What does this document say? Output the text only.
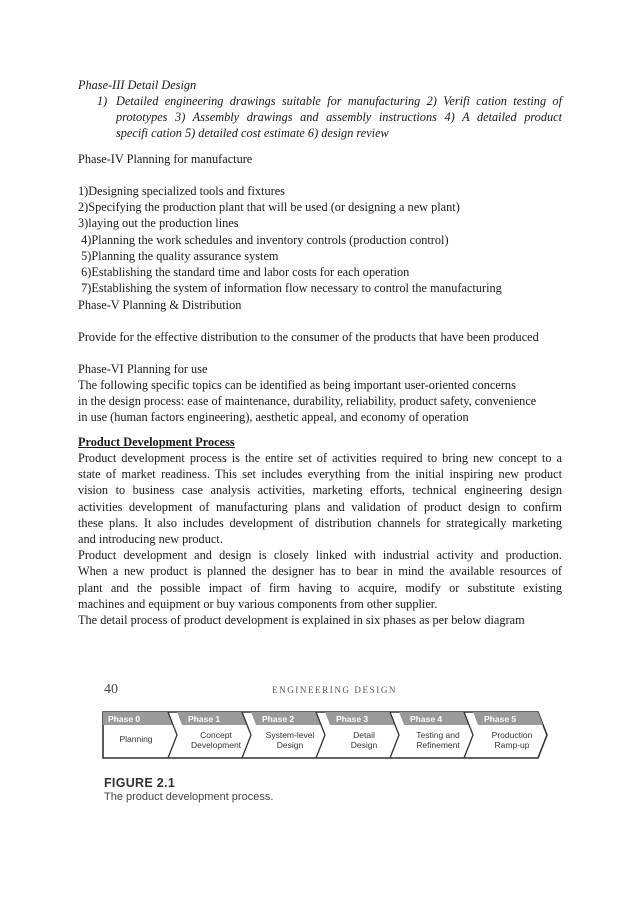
Phase-III Detail Design

1) Detailed engineering drawings suitable for manufacturing 2) Verifi cation testing of
prototypes 3) Assembly drawings and assembly instructions 4) A detailed product
specifi cation 5) detailed cost estimate 6) design review

Phase-IV Planning for manufacture

1)Designing specialized tools and fixtures
2)Specifying the production plant that will be used (or designing a new plant)
3)laying out the production lines
4)Planning the work schedules and inventory controls (production control)
5)Planning the quality assurance system
6)Establishing the standard time and labor costs for each operation
7)Establishing the system of information flow necessary to control the manufacturing

Phase-V Planning & Distribution

Provide for the effective distribution to the consumer of the products that have been produced

Phase-VI Planning for use

The following specific topics can be identified as being important user-oriented concerns
in the design process: ease of maintenance, durability, reliability, product safety, convenience
in use (human factors engineering), aesthetic appeal, and economy of operation

Product Development Process

Product development process is the entire set of activities required to bring new concept to a
state of market readiness. This set includes everything from the initial inspiring new product
vision to business case analysis activities, marketing efforts, technical engineering design
activities development of manufacturing plans and validation of product design to confirm
these plans. It also includes development of distribution channels for strategically marketing
and introducing new product.
Product development and design is closely linked with industrial activity and production.
When a new product is planned the designer has to bear in mind the available resources of
plant and the possible impact of firm having to acquire, modify or substitute existing
machines and equipment or buy various components from other supplier.

The detail process of product development is explained in six phases as per below diagram

40	ENGINEERING DESIGN
Phase 0
Planning
Phase 1
Concept
Development
Phase 2
System-level
Design
Phase 3
Detail
Design
Phase 4
Testing and
Refinement
Phase 5
Production
Ramp-up
FIGURE 2.1
The product development process.
